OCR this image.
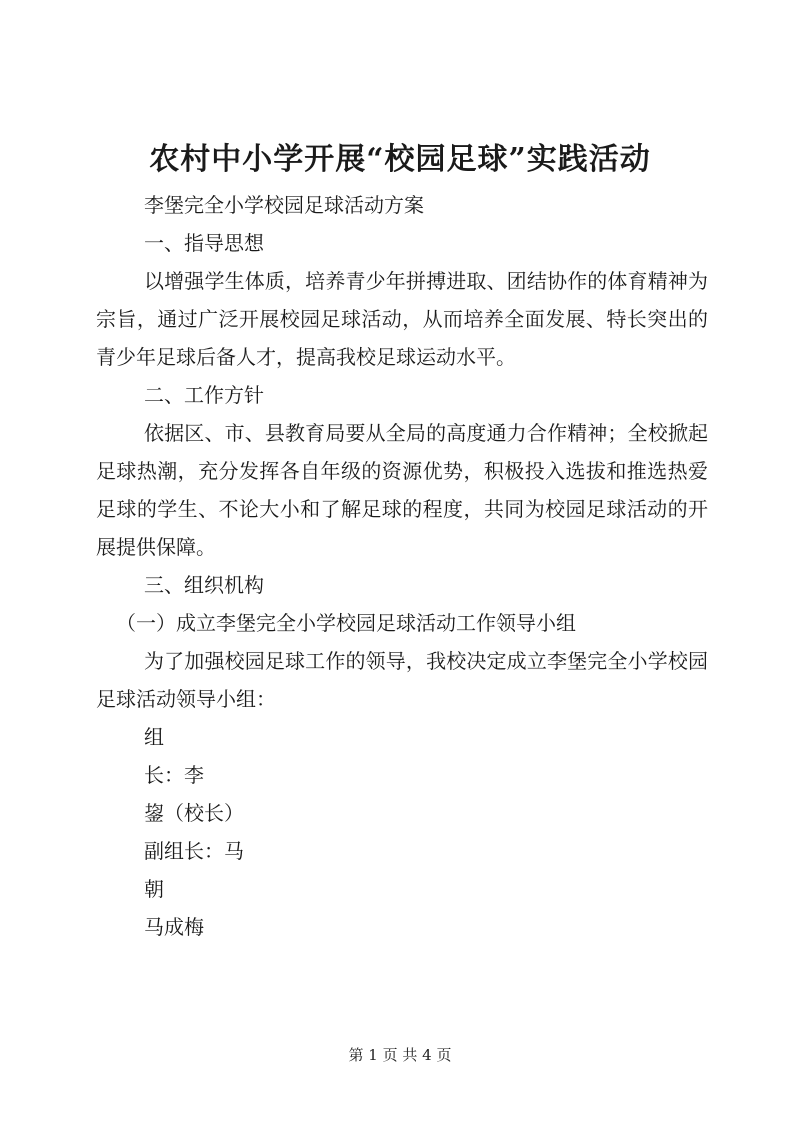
农村中小学开展“校园足球”实践活动

李堡完全小学校园足球活动方案

一、指导思想

以增强学生体质，培养青少年拼搏进取、团结协作的体育精神为宗旨，通过广泛开展校园足球活动，从而培养全面发展、特长突出的青少年足球后备人才，提高我校足球运动水平。

二、工作方针

依据区、市、县教育局要从全局的高度通力合作精神；全校掀起足球热潮，充分发挥各自年级的资源优势，积极投入选拔和推选热爱足球的学生、不论大小和了解足球的程度，共同为校园足球活动的开展提供保障。

三、组织机构

（一）成立李堡完全小学校园足球活动工作领导小组

为了加强校园足球工作的领导，我校决定成立李堡完全小学校园足球活动领导小组：

组

长：李

鋆（校长）

副组长：马

朝

马成梅

第 1 页 共 4 页
